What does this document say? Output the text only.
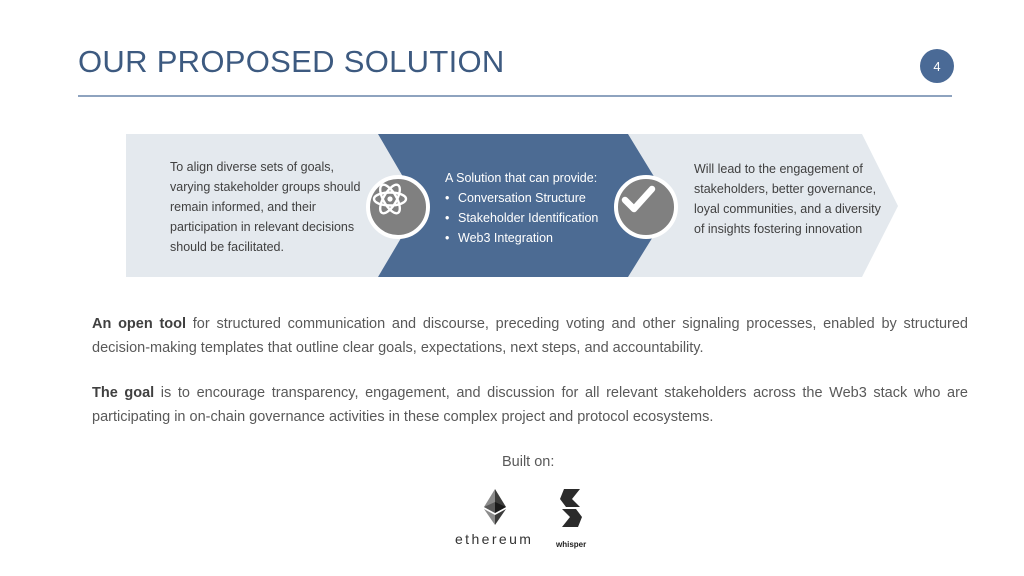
OUR PROPOSED SOLUTION	4
To align diverse sets of goals, varying stakeholder groups should remain informed, and their participation in relevant decisions should be facilitated.
A Solution that can provide:
• Conversation Structure
• Stakeholder Identification
• Web3 Integration
Will lead to the engagement of stakeholders, better governance, loyal communities, and a diversity of insights fostering innovation
An open tool for structured communication and discourse, preceding voting and other signaling processes, enabled by structured decision-making templates that outline clear goals, expectations, next steps, and accountability.
The goal is to encourage transparency, engagement, and discussion for all relevant stakeholders across the Web3 stack who are participating in on-chain governance activities in these complex project and protocol ecosystems.
Built on:
ethereum	whisper
